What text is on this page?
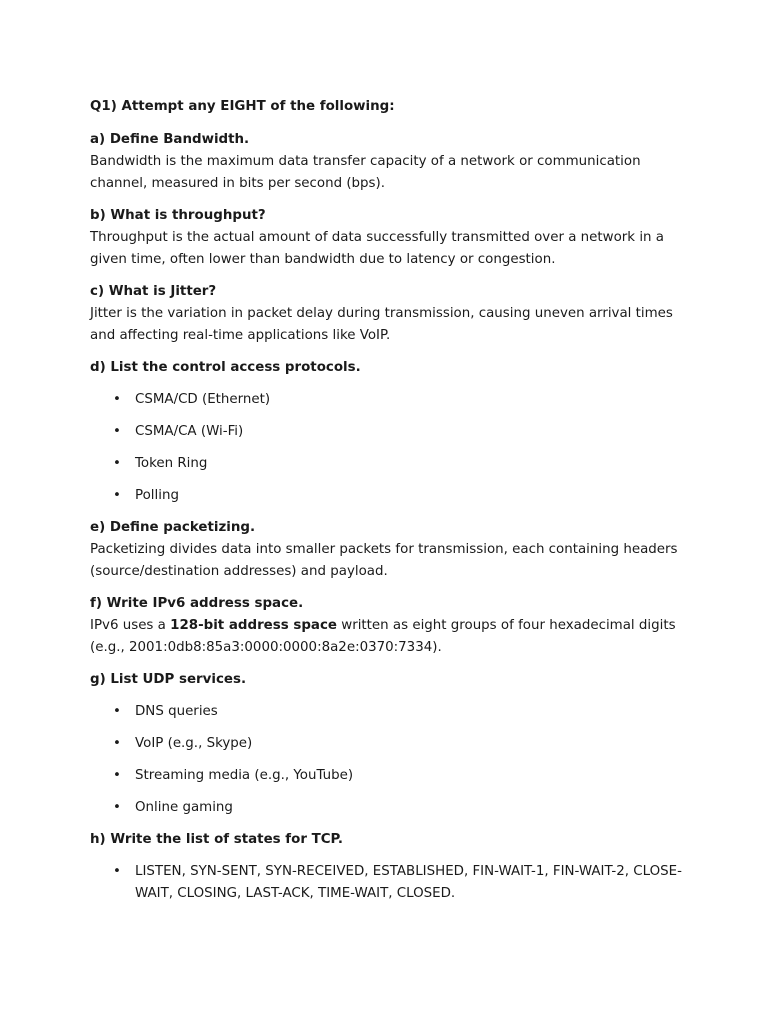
Q1) Attempt any EIGHT of the following:

a) Define Bandwidth.

Bandwidth is the maximum data transfer capacity of a network or communication channel, measured in bits per second (bps).

b) What is throughput?

Throughput is the actual amount of data successfully transmitted over a network in a given time, often lower than bandwidth due to latency or congestion.

c) What is Jitter?

Jitter is the variation in packet delay during transmission, causing uneven arrival times and affecting real-time applications like VoIP.

d) List the control access protocols.

• CSMA/CD (Ethernet)
• CSMA/CA (Wi-Fi)
• Token Ring
• Polling

e) Define packetizing.

Packetizing divides data into smaller packets for transmission, each containing headers (source/destination addresses) and payload.

f) Write IPv6 address space.

IPv6 uses a 128-bit address space written as eight groups of four hexadecimal digits (e.g., 2001:0db8:85a3:0000:0000:8a2e:0370:7334).

g) List UDP services.

• DNS queries
• VoIP (e.g., Skype)
• Streaming media (e.g., YouTube)
• Online gaming

h) Write the list of states for TCP.

• LISTEN, SYN-SENT, SYN-RECEIVED, ESTABLISHED, FIN-WAIT-1, FIN-WAIT-2, CLOSE-WAIT, CLOSING, LAST-ACK, TIME-WAIT, CLOSED.
